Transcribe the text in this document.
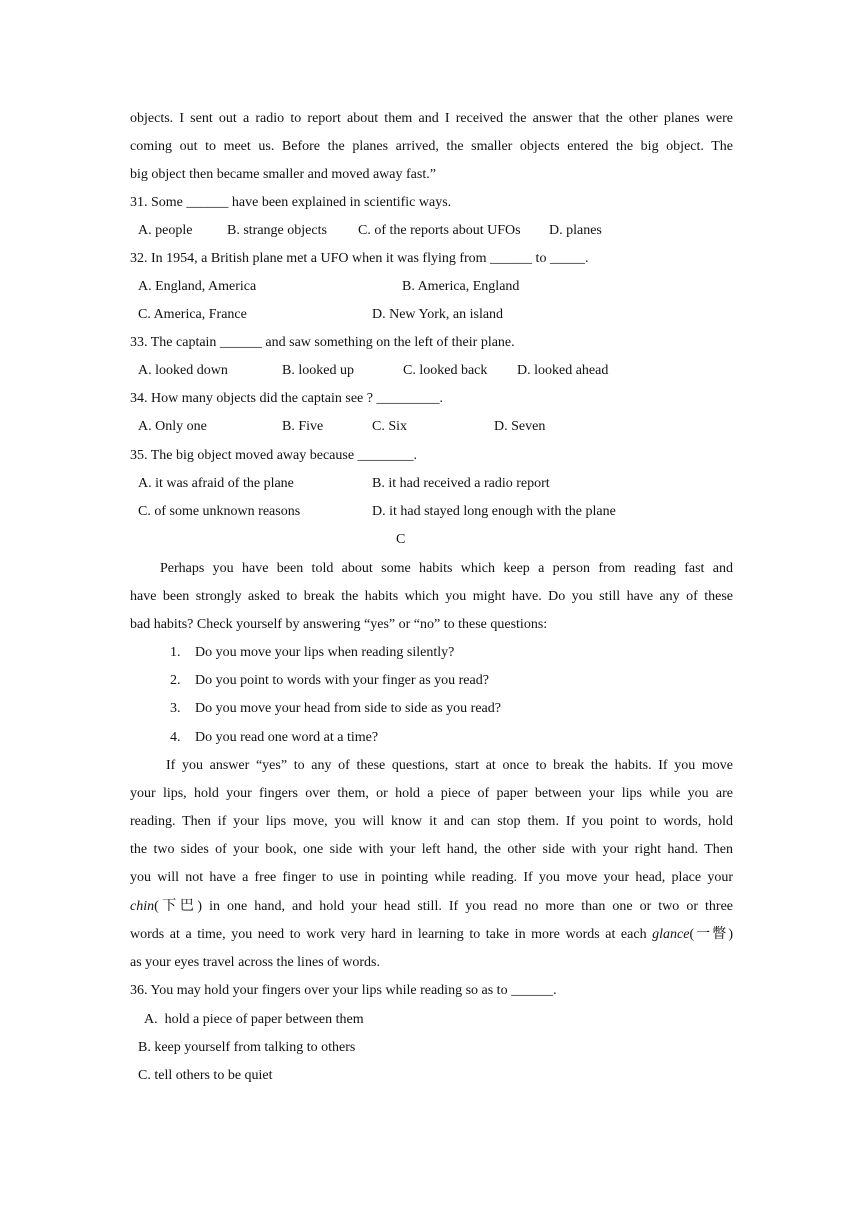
objects. I sent out a radio to report about them and I received the answer that the other planes were
coming out to meet us. Before the planes arrived, the smaller objects entered the big object. The
big object then became smaller and moved away fast.”
31. Some ______ have been explained in scientific ways.
A. people B. strange objects C. of the reports about UFOs D. planes
32. In 1954, a British plane met a UFO when it was flying from ______ to _____.
A. England, America	B. America, England
C. America, France	D. New York, an island
33. The captain ______ and saw something on the left of their plane.
A. looked down	B. looked up	C. looked back D. looked ahead
34. How many objects did the captain see ? _________.
A. Only one	B. Five	C. Six	D. Seven
35. The big object moved away because ________.
A. it was afraid of the plane	B. it had received a radio report
C. of some unknown reasons	D. it had stayed long enough with the plane
C
Perhaps you have been told about some habits which keep a person from reading fast and
have been strongly asked to break the habits which you might have. Do you still have any of these
bad habits? Check yourself by answering “yes” or “no” to these questions:
1. Do you move your lips when reading silently?
2. Do you point to words with your finger as you read?
3. Do you move your head from side to side as you read?
4. Do you read one word at a time?
If you answer “yes” to any of these questions, start at once to break the habits. If you move
your lips, hold your fingers over them, or hold a piece of paper between your lips while you are
reading. Then if your lips move, you will know it and can stop them. If you point to words, hold
the two sides of your book, one side with your left hand, the other side with your right hand. Then
you will not have a free finger to use in pointing while reading. If you move your head, place your
chin(下巴) in one hand, and hold your head still. If you read no more than one or two or three
words at a time, you need to work very hard in learning to take in more words at each glance(一瞥)
as your eyes travel across the lines of words.
36. You may hold your fingers over your lips while reading so as to ______.
A.  hold a piece of paper between them
B. keep yourself from talking to others
C. tell others to be quiet
